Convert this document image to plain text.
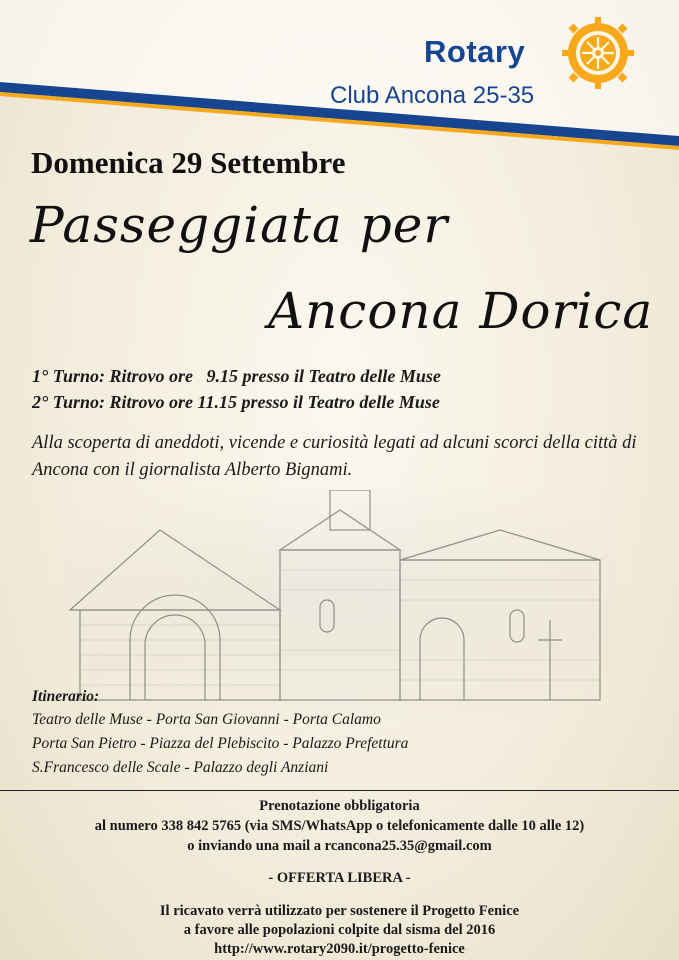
Rotary
Club Ancona 25-35
Domenica 29 Settembre
Passeggiata per
Ancona Dorica
1° Turno: Ritrovo ore   9.15 presso il Teatro delle Muse
2° Turno: Ritrovo ore 11.15 presso il Teatro delle Muse
Alla scoperta di aneddoti, vicende e curiosità legati ad alcuni scorci della città di Ancona con il giornalista Alberto Bignami.
Itinerario:
Teatro delle Muse - Porta San Giovanni - Porta Calamo
Porta San Pietro - Piazza del Plebiscito - Palazzo Prefettura
S.Francesco delle Scale - Palazzo degli Anziani
Prenotazione obbligatoria
al numero 338 842 5765 (via SMS/WhatsApp o telefonicamente dalle 10 alle 12)
o inviando una mail a rcancona25.35@gmail.com
- OFFERTA LIBERA -
Il ricavato verrà utilizzato per sostenere il Progetto Fenice
a favore alle popolazioni colpite dal sisma del 2016
http://www.rotary2090.it/progetto-fenice
